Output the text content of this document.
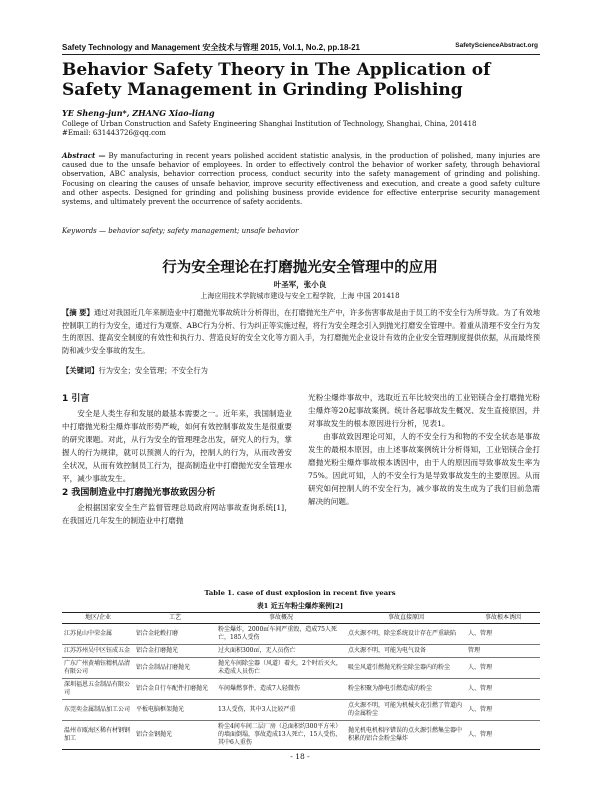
Safety Technology and Management 安全技术与管理 2015, Vol.1, No.2, pp.18-21	SafetyScienceAbstract.org
Behavior Safety Theory in The Application of Safety Management in Grinding Polishing
YE Sheng-jun*, ZHANG Xiao-liang
College of Urban Construction and Safety Engineering Shanghai Institution of Technology, Shanghai, China, 201418
#Email: 631443726@qq.com
Abstract — By manufacturing in recent years polished accident statistic analysis, in the production of polished, many injuries are caused due to the unsafe behavior of employees. In order to effectively control the behavior of worker safety, through behavioral observation, ABC analysis, behavior correction process, conduct security into the safety management of grinding and polishing. Focusing on clearing the causes of unsafe behavior, improve security effectiveness and execution, and create a good safety culture and other aspects. Designed for grinding and polishing business provide evidence for effective enterprise security management systems, and ultimately prevent the occurrence of safety accidents.
Keywords — behavior safety; safety management; unsafe behavior
行为安全理论在打磨抛光安全管理中的应用
叶圣军，张小良
上海应用技术学院城市建设与安全工程学院，上海 中国 201418
【摘 要】通过对我国近几年来制造业中打磨抛光事故统计分析得出，在打磨抛光生产中，许多伤害事故是由于员工的不安全行为所导致。为了有效地控制职工的行为安全，通过行为观察、ABC行为分析、行为纠正等实施过程，将行为安全理念引入到抛光打磨安全管理中。着重从清理不安全行为发生的原因、提高安全制度的有效性和执行力、营造良好的安全文化等方面入手，为打磨抛光企业设计有效的企业安全管理制度提供依据，从而最终预防和减少安全事故的发生。
【关键词】行为安全；安全管理；不安全行为
1 引言

安全是人类生存和发展的最基本需要之一。近年来，我国制造业中打磨抛光粉尘爆炸事故形势严峻，如何有效控制事故发生是很重要的研究课题。对此，从行为安全的管理理念出发，研究人的行为，掌握人的行为规律，就可以预测人的行为，控制人的行为，从而改善安全状况，从而有效控制员工行为，提高制造业中打磨抛光安全管理水平，减少事故发生。

2 我国制造业中打磨抛光事故致因分析

企根据国家安全生产监督管理总局政府网站事故查询系统[1]，在我国近几年发生的制造业中打磨抛

光粉尘爆炸事故中，选取近五年比较突出的工业铝镁合金打磨抛光粉尘爆炸等20起事故案例。统计各起事故发生概况、发生直接原因，并对事故发生的根本原因进行分析，见表1。

由事故致因理论可知，人的不安全行为和物的不安全状态是事故发生的最根本原因，由上述事故案例统计分析得知，工业铝镁合金打磨抛光粉尘爆炸事故根本诱因中，由于人的原因而导致事故发生率为75%。因此可知，人的不安全行为是导致事故发生的主要原因。从而研究如何控制人的不安全行为，减少事故的发生成为了我们目前急需解决的问题。

Table 1. case of dust explosion in recent five years
表1 近五年粉尘爆炸案例[2]
地区/企业	工艺	事故概况	事故直接原因	事故根本诱因
江苏昆山中荣金属	铝合金轮毂打磨	粉尘爆炸，2000㎡车间严重毁，造成75人死亡，185人受伤	点火源不明，除尘系统设计存在严重缺陷	人、管理
江苏苏州吴中区钰成五金	铝合金打磨抛光	过火面积300㎡，无人员伤亡	点火源不明，可能为电气设备	管理
广东广州黄埔钰精机品清有限公司	铝合金制品打磨抛光	抛光车间除尘器（风道）着火，2个时后灭火，未造成人员伤亡	吸尘风道引燃抛光粉尘除尘器内的粉尘	人、管理
深圳福恩五金制品有限公司	铝合金自行车配件打磨抛光	车间爆燃事件，造成7人轻微伤	粉尘积聚为静电引燃造成的粉尘	人、管理
东莞奕金属制品加工公司	平板电脑框架抛光	13人受伤，其中3人比较严重	点火源不明，可能为机械火花引燃了管道内的金属粉尘	人、管理
温州市瓯海区稀有材钢钢加工	铝合金钢抛光	粉尘4间车间二层厂房（总面积约300平方米）的墙面倒塌，事故造成13人死亡，15人受伤，其中6人重伤	抛光机电机相序错误的点火源引燃集尘器中积累的铝合金粉尘爆炸	人、管理
- 18 -
